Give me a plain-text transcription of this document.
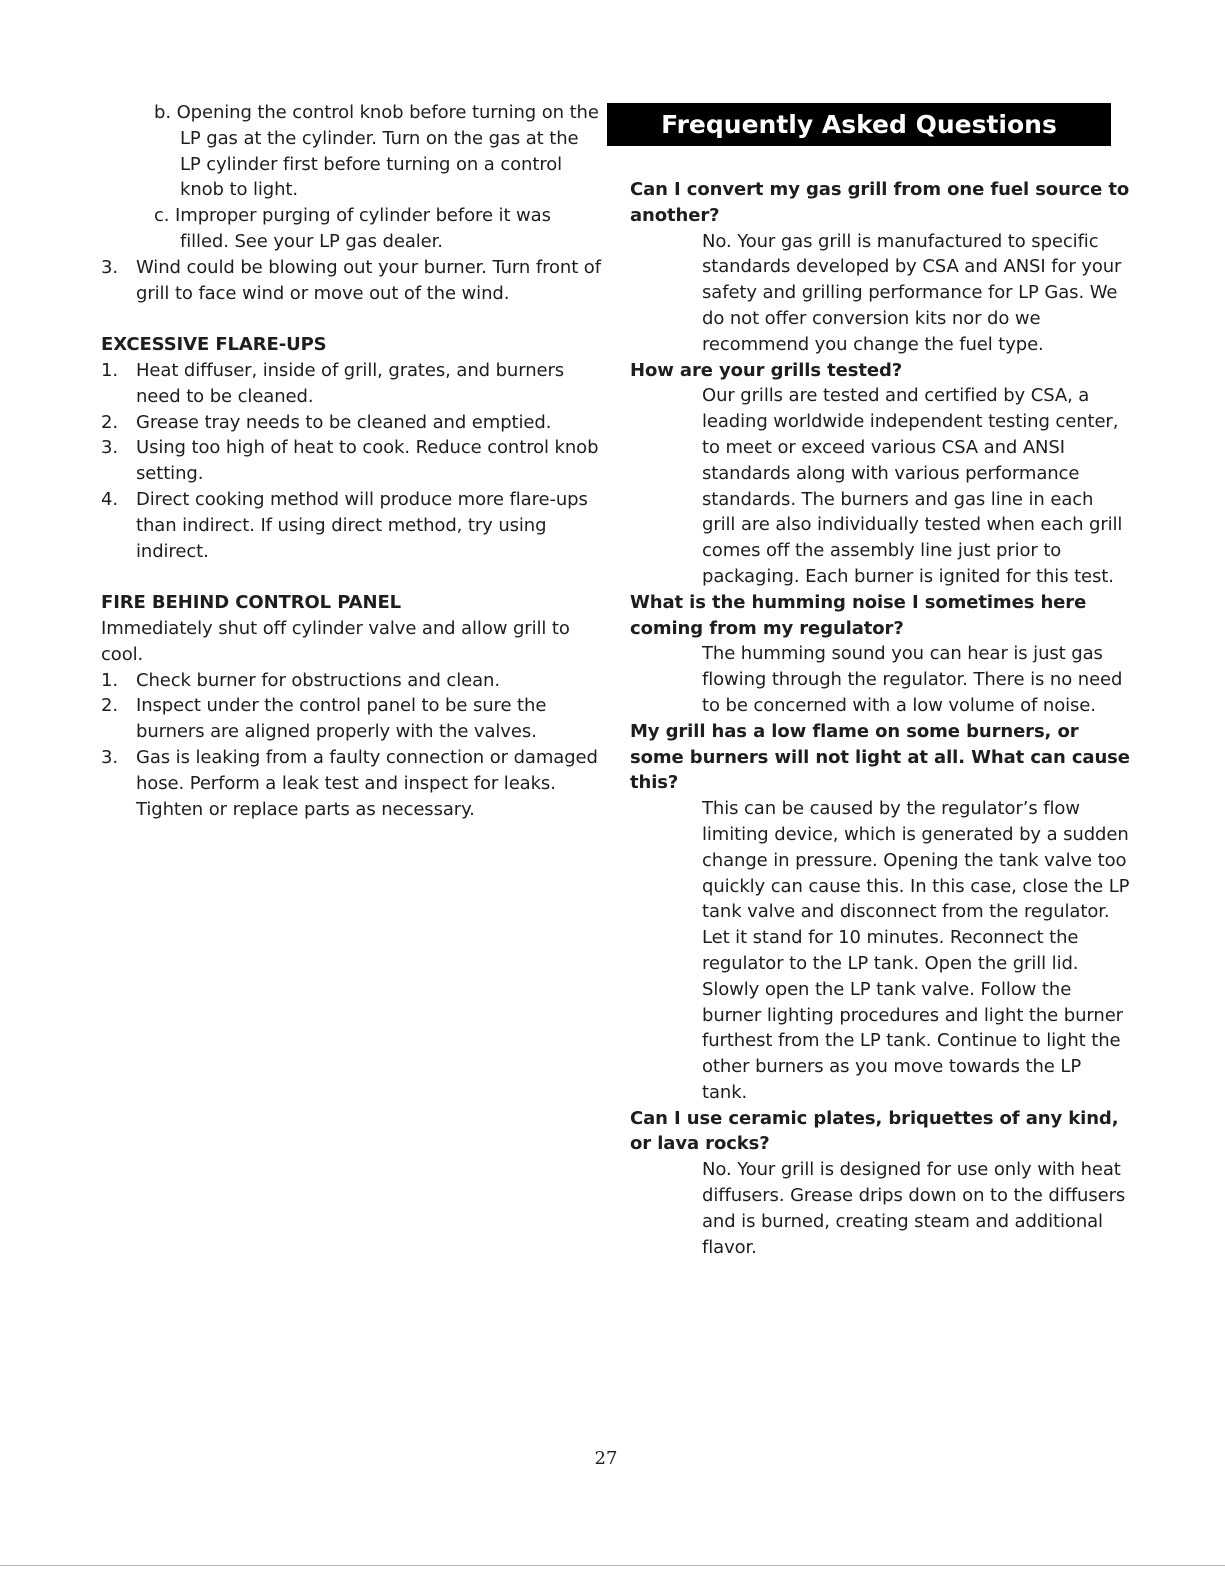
b. Opening the control knob before turning on the LP gas at the cylinder. Turn on the gas at the LP cylinder first before turning on a control knob to light.
c. Improper purging of cylinder before it was filled. See your LP gas dealer.
3.	Wind could be blowing out your burner. Turn front of grill to face wind or move out of the wind.
EXCESSIVE FLARE-UPS
1.	Heat diffuser, inside of grill, grates, and burners need to be cleaned.
2.	Grease tray needs to be cleaned and emptied.
3.	Using too high of heat to cook. Reduce control knob setting.
4.	Direct cooking method will produce more flare-ups than indirect. If using direct method, try using indirect.
FIRE BEHIND CONTROL PANEL
Immediately shut off cylinder valve and allow grill to cool.
1.	Check burner for obstructions and clean.
2.	Inspect under the control panel to be sure the burners are aligned properly with the valves.
3.	Gas is leaking from a faulty connection or damaged hose. Perform a leak test and inspect for leaks. Tighten or replace parts as necessary.
Frequently Asked Questions
Can I convert my gas grill from one fuel source to another?
No. Your gas grill is manufactured to specific standards developed by CSA and ANSI for your safety and grilling performance for LP Gas. We do not offer conversion kits nor do we recommend you change the fuel type.
How are your grills tested?
Our grills are tested and certified by CSA, a leading worldwide independent testing center, to meet or exceed various CSA and ANSI standards along with various performance standards. The burners and gas line in each grill are also individually tested when each grill comes off the assembly line just prior to packaging. Each burner is ignited for this test.
What is the humming noise I sometimes here coming from my regulator?
The humming sound you can hear is just gas flowing through the regulator. There is no need to be concerned with a low volume of noise.
My grill has a low flame on some burners, or some burners will not light at all. What can cause this?
This can be caused by the regulator’s flow limiting device, which is generated by a sudden change in pressure. Opening the tank valve too quickly can cause this. In this case, close the LP tank valve and disconnect from the regulator. Let it stand for 10 minutes. Reconnect the regulator to the LP tank. Open the grill lid. Slowly open the LP tank valve. Follow the burner lighting procedures and light the burner furthest from the LP tank. Continue to light the other burners as you move towards the LP tank.
Can I use ceramic plates, briquettes of any kind, or lava rocks?
No. Your grill is designed for use only with heat diffusers. Grease drips down on to the diffusers and is burned, creating steam and additional flavor.
27
